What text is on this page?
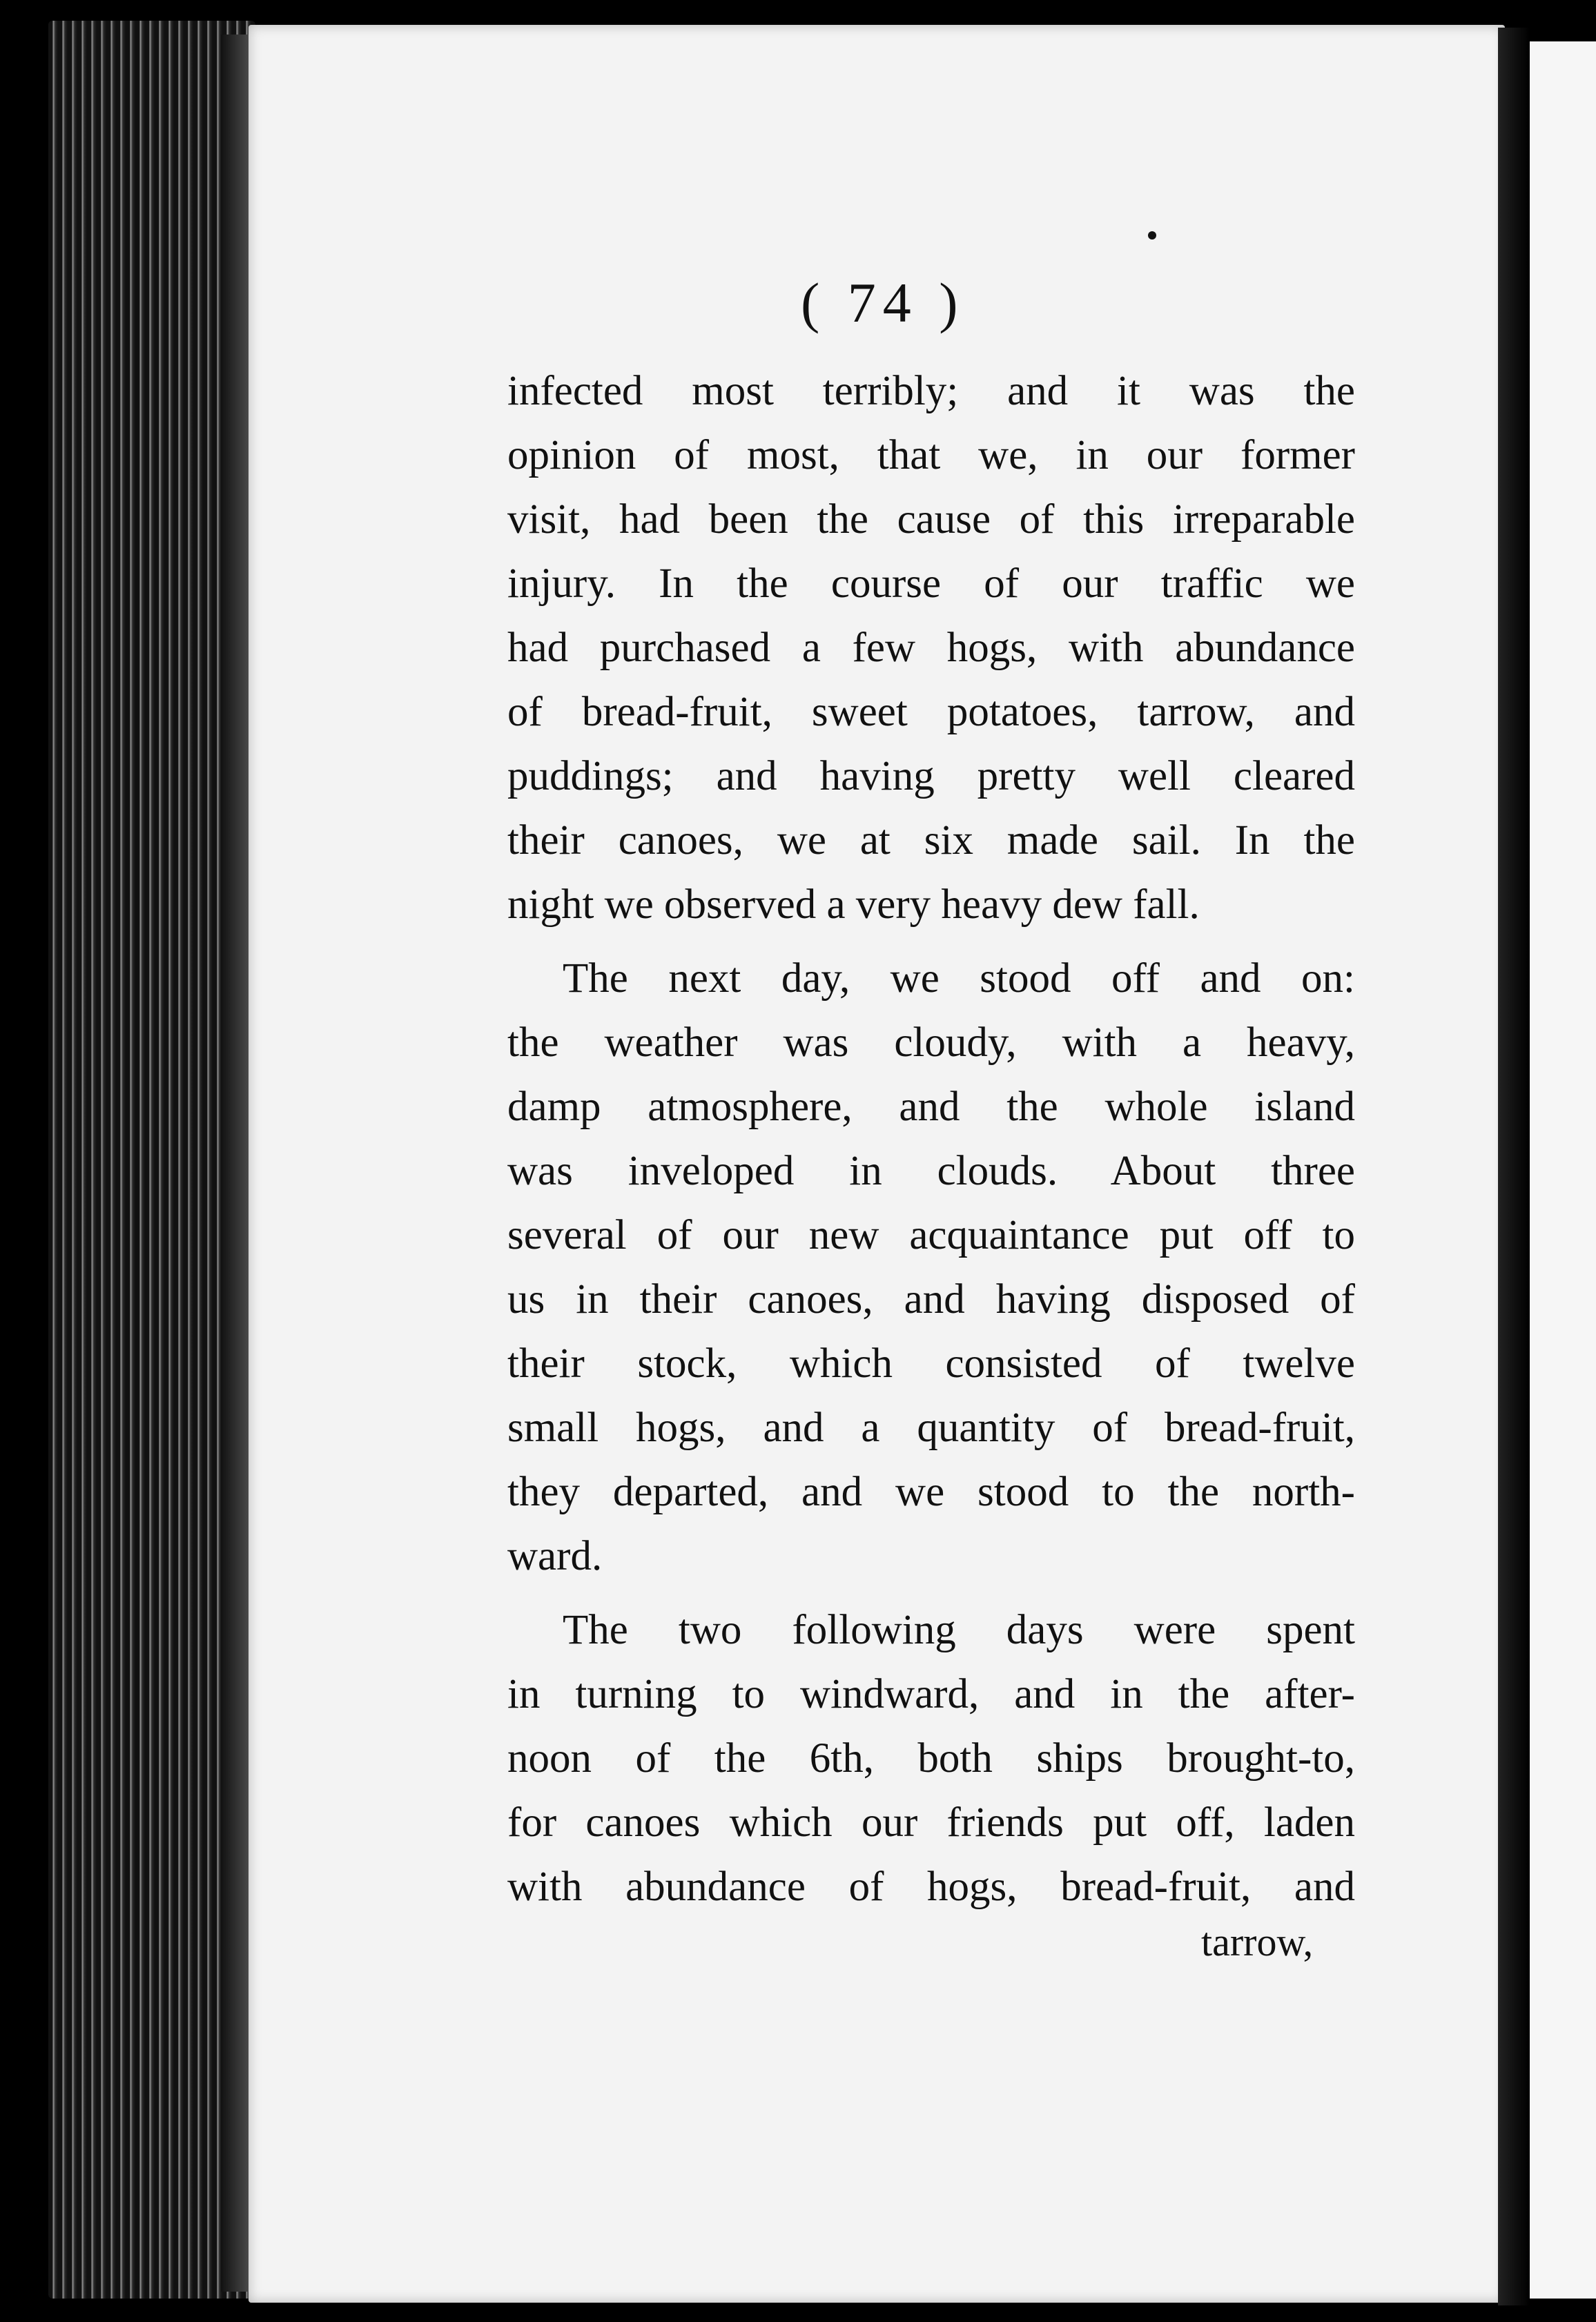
( 74 )

infected most terribly; and it was the
opinion of most, that we, in our former
visit, had been the cause of this irreparable
injury. In the course of our traffic we
had purchased a few hogs, with abundance
of bread-fruit, sweet potatoes, tarrow, and
puddings; and having pretty well cleared
their canoes, we at six made sail. In the
night we observed a very heavy dew fall.
The next day, we stood off and on:
the weather was cloudy, with a heavy,
damp atmosphere, and the whole island
was inveloped in clouds. About three
several of our new acquaintance put off to
us in their canoes, and having disposed of
their stock, which consisted of twelve
small hogs, and a quantity of bread-fruit,
they departed, and we stood to the north-
ward.
The two following days were spent
in turning to windward, and in the after-
noon of the 6th, both ships brought-to,
for canoes which our friends put off, laden
with abundance of hogs, bread-fruit, and

tarrow,
